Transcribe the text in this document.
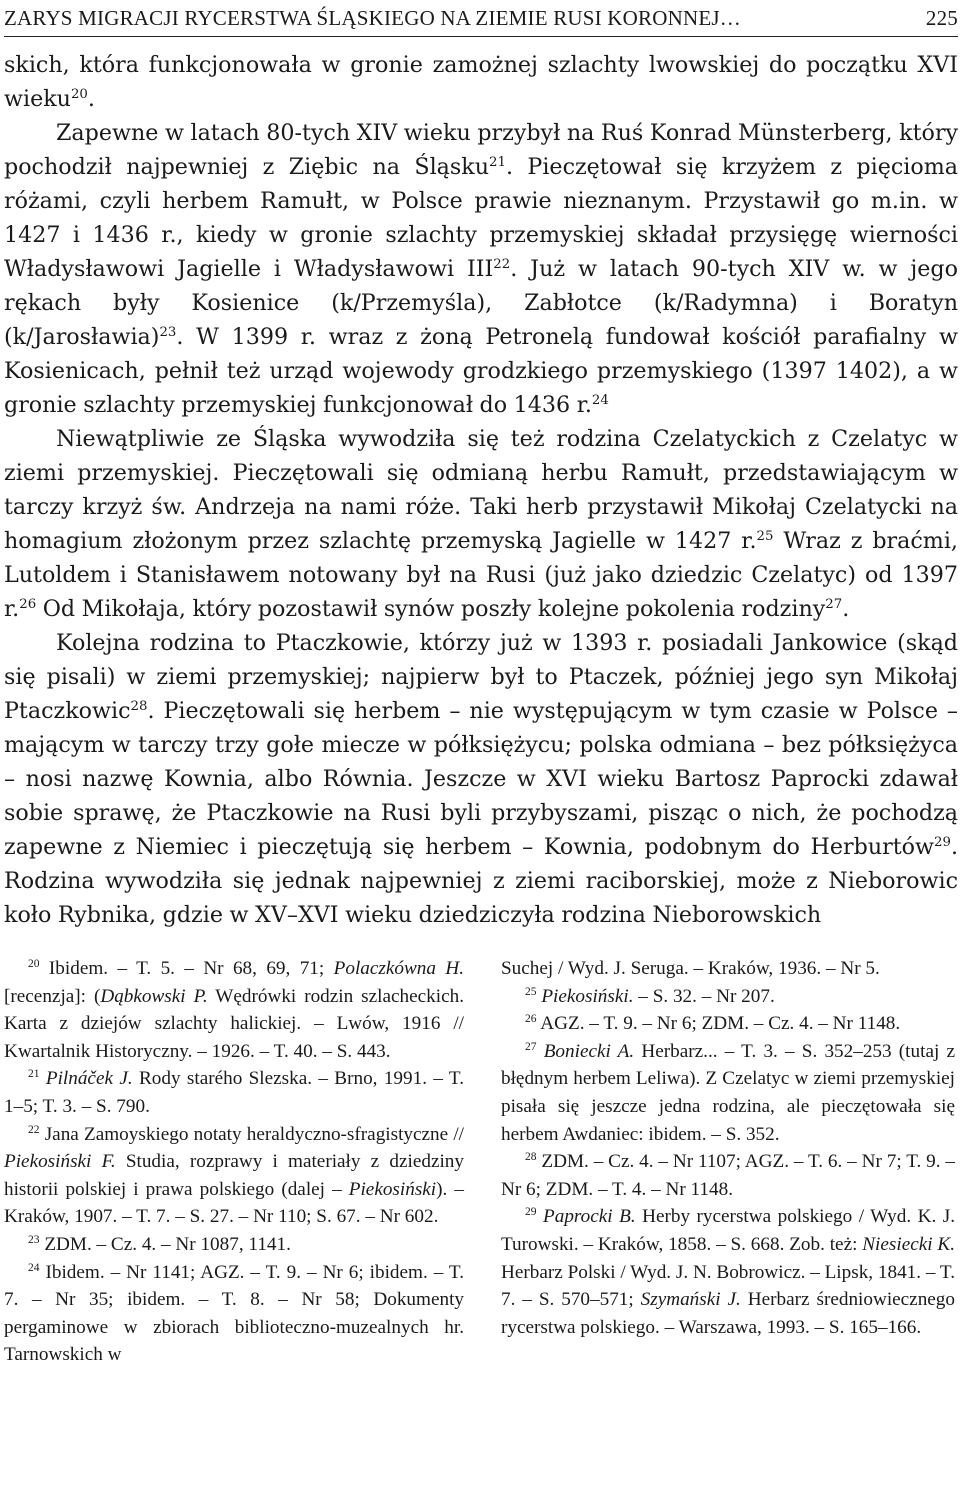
ZARYS MIGRACJI RYCERSTWA ŚLĄSKIEGO NA ZIEMIE RUSI KORONNEJ…	225

skich, która funkcjonowała w gronie zamożnej szlachty lwowskiej do początku XVI wieku$^{20}$.

Zapewne w latach 80-tych XIV wieku przybył na Ruś Konrad Münsterberg, który pochodził najpewniej z Ziębic na Śląsku$^{21}$. Pieczętował się krzyżem z pięcioma różami, czyli herbem Ramułt, w Polsce prawie nieznanym. Przystawił go m.in. w 1427 i 1436 r., kiedy w gronie szlachty przemyskiej składał przysięgę wierności Władysławowi Jagielle i Władysławowi III$^{22}$. Już w latach 90-tych XIV w. w jego rękach były Kosienice (k/Przemyśla), Zabłotce (k/Radymna) i Boratyn (k/Jarosławia)$^{23}$. W 1399 r. wraz z żoną Petronelą fundował kościół parafialny w Kosienicach, pełnił też urząd wojewody grodzkiego przemyskiego (1397 1402), a w gronie szlachty przemyskiej funkcjonował do 1436 r.$^{24}$

Niewątpliwie ze Śląska wywodziła się też rodzina Czelatyckich z Czelatyc w ziemi przemyskiej. Pieczętowali się odmianą herbu Ramułt, przedstawiającym w tarczy krzyż św. Andrzeja na nami róże. Taki herb przystawił Mikołaj Czelatycki na homagium złożonym przez szlachtę przemyską Jagielle w 1427 r.$^{25}$ Wraz z braćmi, Lutoldem i Stanisławem notowany był na Rusi (już jako dziedzic Czelatyc) od 1397 r.$^{26}$ Od Mikołaja, który pozostawił synów poszły kolejne pokolenia rodziny$^{27}$.

Kolejna rodzina to Ptaczkowie, którzy już w 1393 r. posiadali Jankowice (skąd się pisali) w ziemi przemyskiej; najpierw był to Ptaczek, później jego syn Mikołaj Ptaczkowic$^{28}$. Pieczętowali się herbem – nie występującym w tym czasie w Polsce – mającym w tarczy trzy gołe miecze w półksiężycu; polska odmiana – bez półksiężyca – nosi nazwę Kownia, albo Równia. Jeszcze w XVI wieku Bartosz Paprocki zdawał sobie sprawę, że Ptaczkowie na Rusi byli przybyszami, pisząc o nich, że pochodzą zapewne z Niemiec i pieczętują się herbem – Kownia, podobnym do Herburtów$^{29}$. Rodzina wywodziła się jednak najpewniej z ziemi raciborskiej, może z Nieborowic koło Rybnika, gdzie w XV–XVI wieku dziedziczyła rodzina Nieborowskich

$^{20}$ Ibidem. – T. 5. – Nr 68, 69, 71; Polaczkówna H. [recenzja]: (Dąbkowski P. Wędrówki rodzin szlacheckich. Karta z dziejów szlachty halickiej. – Lwów, 1916 // Kwartalnik Historyczny. – 1926. – T. 40. – S. 443.

$^{21}$ Pilnáček J. Rody starého Slezska. – Brno, 1991. – T. 1–5; T. 3. – S. 790.

$^{22}$ Jana Zamoyskiego notaty heraldyczno-sfragistyczne // Piekosiński F. Studia, rozprawy i materiały z dziedziny historii polskiej i prawa polskiego (dalej – Piekosiński). – Kraków, 1907. – T. 7. – S. 27. – Nr 110; S. 67. – Nr 602.

$^{23}$ ZDM. – Cz. 4. – Nr 1087, 1141.

$^{24}$ Ibidem. – Nr 1141; AGZ. – T. 9. – Nr 6; ibidem. – T. 7. – Nr 35; ibidem. – T. 8. – Nr 58; Dokumenty pergaminowe w zbiorach biblioteczno-muzealnych hr. Tarnowskich w

Suchej / Wyd. J. Seruga. – Kraków, 1936. – Nr 5.

$^{25}$ Piekosiński. – S. 32. – Nr 207.

$^{26}$ AGZ. – T. 9. – Nr 6; ZDM. – Cz. 4. – Nr 1148.

$^{27}$ Boniecki A. Herbarz... – T. 3. – S. 352–253 (tutaj z błędnym herbem Leliwa). Z Czelatyc w ziemi przemyskiej pisała się jeszcze jedna rodzina, ale pieczętowała się herbem Awdaniec: ibidem. – S. 352.

$^{28}$ ZDM. – Cz. 4. – Nr 1107; AGZ. – T. 6. – Nr 7; T. 9. – Nr 6; ZDM. – T. 4. – Nr 1148.

$^{29}$ Paprocki B. Herby rycerstwa polskiego / Wyd. K. J. Turowski. – Kraków, 1858. – S. 668. Zob. też: Niesiecki K. Herbarz Polski / Wyd. J. N. Bobrowicz. – Lipsk, 1841. – T. 7. – S. 570–571; Szymański J. Herbarz średniowiecznego rycerstwa polskiego. – Warszawa, 1993. – S. 165–166.
